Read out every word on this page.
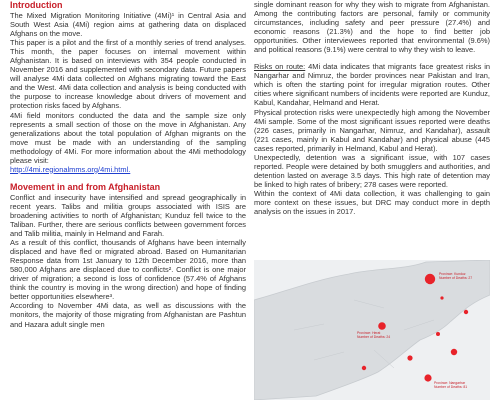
Introduction

The Mixed Migration Monitoring Initiative (4Mi)¹ in Central Asia and South West Asia (4Mi) region aims at gathering data on displaced Afghans on the move.

This paper is a pilot and the first of a monthly series of trend analyses. This month, the paper focuses on internal movement within Afghanistan. It is based on interviews with 354 people conducted in November 2016 and supplemented with secondary data. Future papers will analyse 4Mi data collected on Afghans migrating toward the East and the West. 4Mi data collection and analysis is being conducted with the purpose to increase knowledge about drivers of movement and protection risks faced by Afghans.

4Mi field monitors conducted the data and the sample size only represents a small section of those on the move in Afghanistan. Any generalizations about the total population of Afghan migrants on the move must be made with an understanding of the sampling methodology of 4Mi. For more information about the 4Mi methodology please visit:

http://4mi.regionalmms.org/4mi.html.

Movement in and from Afghanistan

Conflict and insecurity have intensified and spread geographically in recent years. Talibs and militia groups associated with ISIS are broadening activities to north of Afghanistan; Kunduz fell twice to the Taliban. Further, there are serious conflicts between government forces and Talib militia, mainly in Helmand and Farah.

As a result of this conflict, thousands of Afghans have been internally displaced and have fled or migrated abroad. Based on Humanitarian Response data from 1st January to 12th December 2016, more than 580,000 Afghans are displaced due to conflicts². Conflict is one major driver of migration; a second is loss of confidence (57.4% of Afghans think the country is moving in the wrong direction) and hope of finding better opportunities elsewhere³.

According to November 4Mi data, as well as discussions with the monitors, the majority of those migrating from Afghanistan are Pashtun and Hazara adult single men

single dominant reason for why they wish to migrate from Afghanistan. Among the contributing factors are personal, family or community circumstances, including safety and peer pressure (27.4%) and economic reasons (21.3%) and the hope to find better job opportunities. Other interviewees reported that environmental (9.6%) and political reasons (9.1%) were central to why they wish to leave.

Risks on route: 4Mi data indicates that migrants face greatest risks in Nangarhar and Nimruz, the border provinces near Pakistan and Iran, which is often the starting point for irregular migration routes. Other cities where significant numbers of incidents were reported are Kunduz, Kabul, Kandahar, Helmand and Herat.

Physical protection risks were unexpectedly high among the November 4Mi sample. Some of the most significant issues reported were deaths (226 cases, primarily in Nangarhar, Nimruz, and Kandahar), assault (221 cases, mainly in Kabul and Kandahar) and physical abuse (445 cases reported, primarily in Helmand, Kabul and Herat).

Unexpectedly, detention was a significant issue, with 107 cases reported. People were detained by both smugglers and authorities, and detention lasted on average 3.5 days. This high rate of detention may be linked to high rates of bribery; 278 cases were reported.

Within the context of 4Mi data collection, it was challenging to gain more context on these issues, but DRC may conduct more in depth analysis on the issues in 2017.

Province: Kunduz
Number of Deaths: 27
Province: Herat
Number of Deaths: 24
Province: Nangarhar
Number of Deaths: 81
